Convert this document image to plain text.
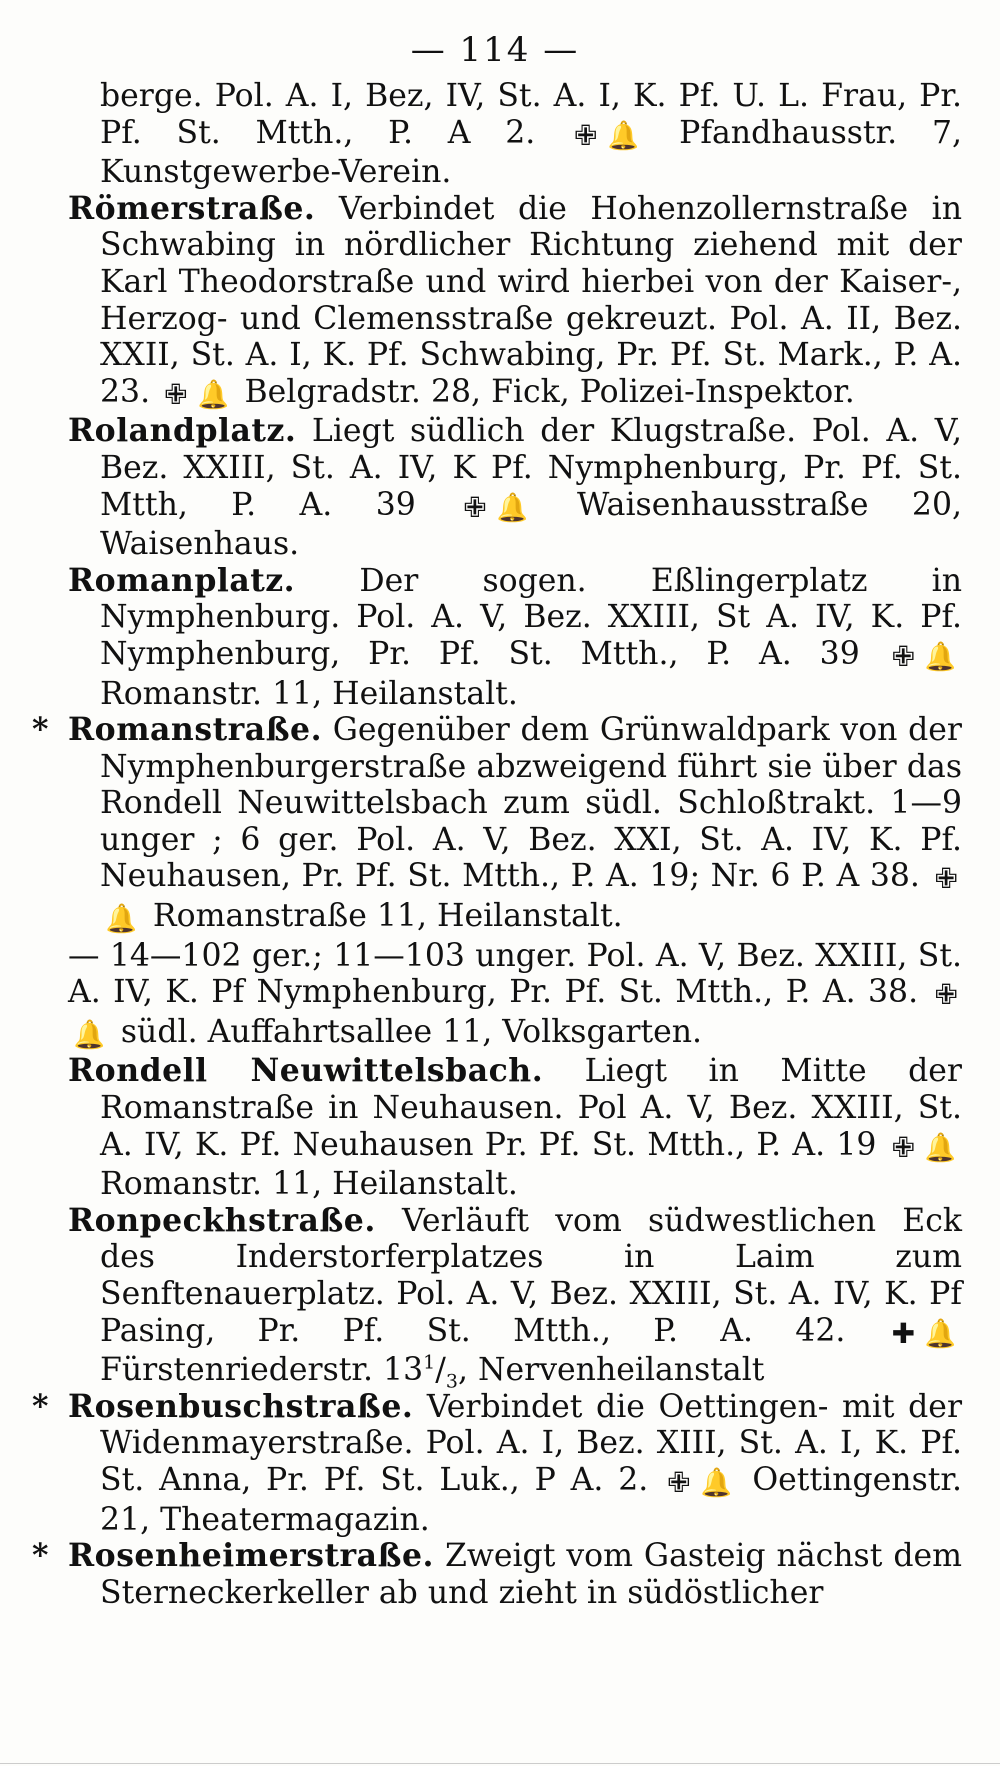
— 114 —

berge. Pol. A. I, Bez, IV, St. A. I, K. Pf. U. L. Frau, Pr. Pf. St. Mtth., P. A 2. ✙ 🔔 Pfandhausstr. 7, Kunstgewerbe-Verein.

Römerstraße. Verbindet die Hohenzollernstraße in Schwabing in nördlicher Richtung ziehend mit der Karl Theodorstraße und wird hierbei von der Kaiser-, Herzog- und Clemensstraße gekreuzt. Pol. A. II, Bez. XXII, St. A. I, K. Pf. Schwabing, Pr. Pf. St. Mark., P. A. 23. ✙ 🔔 Belgradstr. 28, Fick, Polizei-Inspektor.

Rolandplatz. Liegt südlich der Klugstraße. Pol. A. V, Bez. XXIII, St. A. IV, K Pf. Nymphenburg, Pr. Pf. St. Mtth, P. A. 39 ✙ 🔔 Waisenhausstraße 20, Waisenhaus.

Romanplatz. Der sogen. Eßlingerplatz in Nymphenburg. Pol. A. V, Bez. XXIII, St A. IV, K. Pf. Nymphenburg, Pr. Pf. St. Mtth., P. A. 39 ✙ 🔔 Romanstr. 11, Heilanstalt.

* Romanstraße. Gegenüber dem Grünwaldpark von der Nymphenburgerstraße abzweigend führt sie über das Rondell Neuwittelsbach zum südl. Schloßtrakt. 1—9 unger ; 6 ger. Pol. A. V, Bez. XXI, St. A. IV, K. Pf. Neuhausen, Pr. Pf. St. Mtth., P. A. 19; Nr. 6 P. A 38. ✙🔔 Romanstraße 11, Heilanstalt.

— 14—102 ger.; 11—103 unger. Pol. A. V, Bez. XXIII, St. A. IV, K. Pf Nymphenburg, Pr. Pf. St. Mtth., P. A. 38. ✙🔔 südl. Auffahrtsallee 11, Volksgarten.

Rondell Neuwittelsbach. Liegt in Mitte der Romanstraße in Neuhausen. Pol A. V, Bez. XXIII, St. A. IV, K. Pf. Neuhausen Pr. Pf. St. Mtth., P. A. 19 ✙ 🔔 Romanstr. 11, Heilanstalt.

Ronpeckhstraße. Verläuft vom südwestlichen Eck des Inderstorferplatzes in Laim zum Senftenauerplatz. Pol. A. V, Bez. XXIII, St. A. IV, K. Pf Pasing, Pr. Pf. St. Mtth., P. A. 42. ✚ 🔔 Fürstenriederstr. $13^1/_3$, Nervenheilanstalt

* Rosenbuschstraße. Verbindet die Oettingen- mit der Widenmayerstraße. Pol. A. I, Bez. XIII, St. A. I, K. Pf. St. Anna, Pr. Pf. St. Luk., P A. 2. ✙ 🔔 Oettingenstr. 21, Theatermagazin.

* Rosenheimerstraße. Zweigt vom Gasteig nächst dem Sterneckerkeller ab und zieht in südöstlicher
